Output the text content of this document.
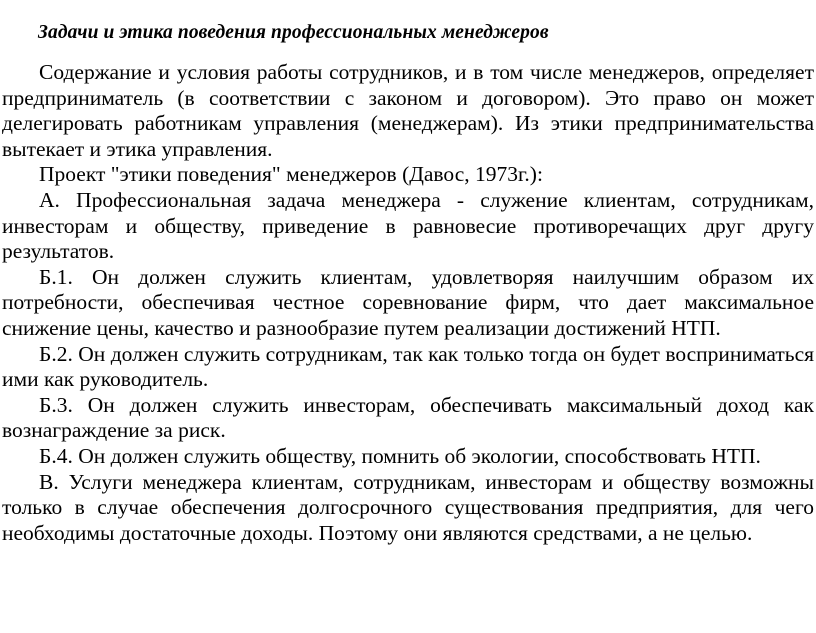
Задачи и этика поведения профессиональных менеджеров

Содержание и условия работы сотрудников, и в том числе менеджеров, определяет предприниматель (в соответствии с законом и договором). Это право он может делегировать работникам управления (менеджерам). Из этики предпринимательства вытекает и этика управления.

Проект "этики поведения" менеджеров (Давос, 1973г.):

А. Профессиональная задача менеджера - служение клиентам, сотрудникам, инвесторам и обществу, приведение в равновесие противоречащих друг другу результатов.

Б.1. Он должен служить клиентам, удовлетворяя наилучшим образом их потребности, обеспечивая честное соревнование фирм, что дает максимальное снижение цены, качество и разнообразие путем реализации достижений НТП.

Б.2. Он должен служить сотрудникам, так как только тогда он будет восприниматься ими как руководитель.

Б.3. Он должен служить инвесторам, обеспечивать максимальный доход как вознаграждение за риск.

Б.4. Он должен служить обществу, помнить об экологии, способствовать НТП.

В. Услуги менеджера клиентам, сотрудникам, инвесторам и обществу возможны только в случае обеспечения долгосрочного существования предприятия, для чего необходимы достаточные доходы. Поэтому они являются средствами, а не целью.
